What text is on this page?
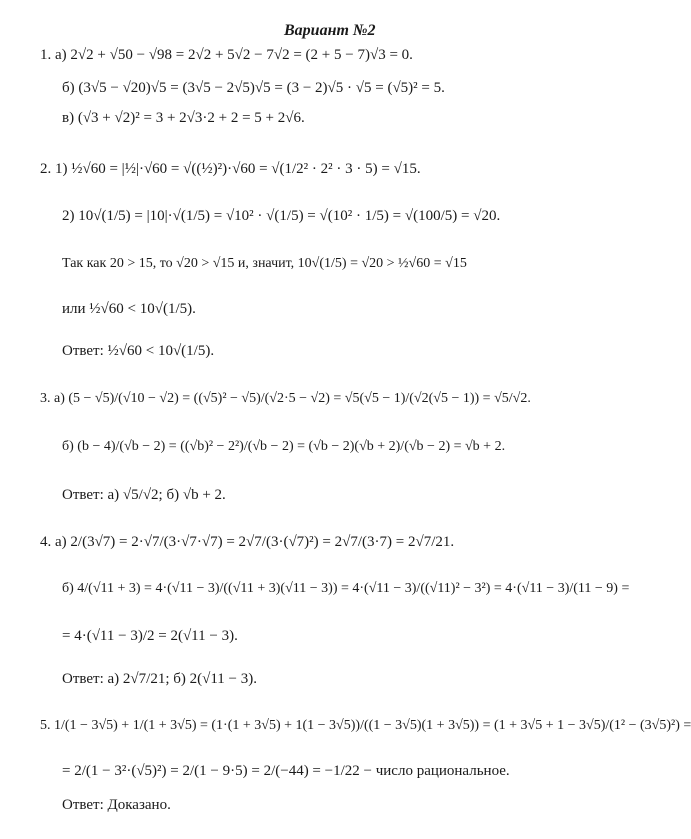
Вариант №2
1. а) 2√2 + √50 − √98 = 2√2 + 5√2 − 7√2 = (2 + 5 − 7)√3 = 0.
б) (3√5 − √20)√5 = (3√5 − 2√5)√5 = (3 − 2)√5 · √5 = (√5)² = 5.
в) (√3 + √2)² = 3 + 2√3·2 + 2 = 5 + 2√6.
2. 1) ½√60 = |½|·√60 = √((½)²)·√60 = √(1/2² · 2² · 3 · 5) = √15.
2) 10√(1/5) = |10|·√(1/5) = √10² · √(1/5) = √(10² · 1/5) = √(100/5) = √20.
Так как 20 > 15, то √20 > √15 и, значит, 10√(1/5) = √20 > ½√60 = √15
или ½√60 < 10√(1/5).
Ответ: ½√60 < 10√(1/5).
3. а) (5 − √5)/(√10 − √2) = ((√5)² − √5)/(√2·5 − √2) = √5(√5 − 1)/(√2(√5 − 1)) = √5/√2.
б) (b − 4)/(√b − 2) = ((√b)² − 2²)/(√b − 2) = (√b − 2)(√b + 2)/(√b − 2) = √b + 2.
Ответ: а) √5/√2; б) √b + 2.
4. а) 2/(3√7) = 2·√7/(3·√7·√7) = 2√7/(3·(√7)²) = 2√7/(3·7) = 2√7/21.
б) 4/(√11 + 3) = 4·(√11 − 3)/((√11 + 3)(√11 − 3)) = 4·(√11 − 3)/((√11)² − 3²) = 4·(√11 − 3)/(11 − 9) =
= 4·(√11 − 3)/2 = 2(√11 − 3).
Ответ: а) 2√7/21; б) 2(√11 − 3).
5. 1/(1 − 3√5) + 1/(1 + 3√5) = (1·(1 + 3√5) + 1(1 − 3√5))/((1 − 3√5)(1 + 3√5)) = (1 + 3√5 + 1 − 3√5)/(1² − (3√5)²) =
= 2/(1 − 3²·(√5)²) = 2/(1 − 9·5) = 2/(−44) = −1/22 − число рациональное.
Ответ: Доказано.
